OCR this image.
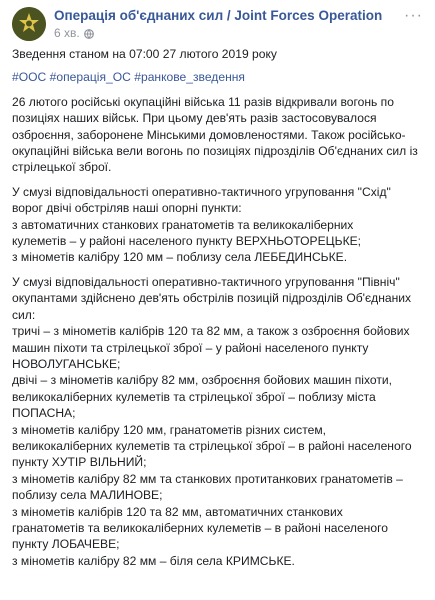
Операція об'єднаних сил / Joint Forces Operation
6 хв.
···

Зведення станом на 07:00 27 лютого 2019 року

#ООС #операція_ОС #ранкове_зведення

26 лютого російські окупаційні війська 11 разів відкривали вогонь по

позиціях наших військ. При цьому дев'ять разів застосовувалося

озброєння, заборонене Мінськими домовленостями. Також російсько-

окупаційні війська вели вогонь по позиціях підрозділів Об'єднаних сил із

стрілецької зброї.

У смузі відповідальності оперативно-тактичного угруповання "Схід"

ворог двічі обстріляв наші опорні пункти:

з автоматичних станкових гранатометів та великокаліберних

кулеметів – у районі населеного пункту ВЕРХНЬОТОРЕЦЬКЕ;

з мінометів калібру 120 мм – поблизу села ЛЕБЕДИНСЬКЕ.

У смузі відповідальності оперативно-тактичного угруповання "Північ"

окупантами здійснено дев'ять обстрілів позицій підрозділів Об'єднаних

сил:

тричі – з мінометів калібрів 120 та 82 мм, а також з озброєння бойових

машин піхоти та стрілецької зброї – у районі населеного пункту

НОВОЛУГАНСЬКЕ;

двічі – з мінометів калібру 82 мм, озброєння бойових машин піхоти,

великокаліберних кулеметів та стрілецької зброї – поблизу міста

ПОПАСНА;

з мінометів калібру 120 мм, гранатометів різних систем,

великокаліберних кулеметів та стрілецької зброї – в районі населеного

пункту ХУТІР ВІЛЬНИЙ;

з мінометів калібру 82 мм та станкових протитанкових гранатометів –

поблизу села МАЛИНОВЕ;

з мінометів калібрів 120 та 82 мм, автоматичних станкових

гранатометів та великокаліберних кулеметів – в районі населеного

пункту ЛОБАЧЕВЕ;

з мінометів калібру 82 мм – біля села КРИМСЬКЕ.
